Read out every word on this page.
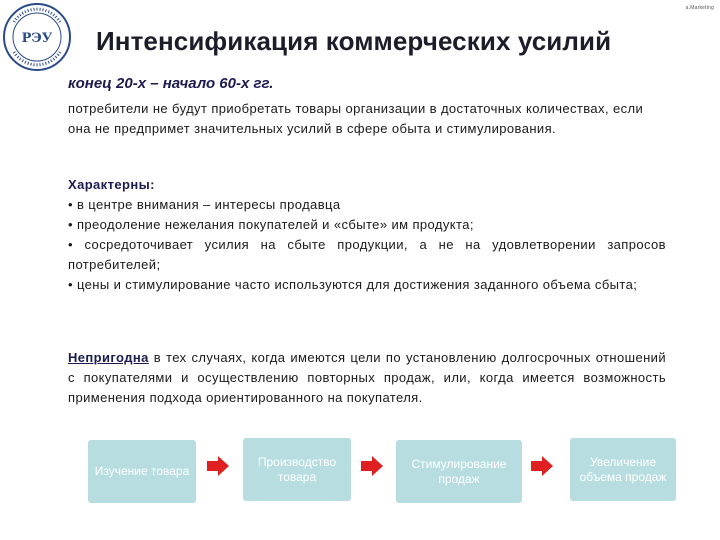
РЭУ
a.Marketing
Интенсификация коммерческих усилий
конец 20-х – начало 60-х гг.
потребители не будут приобретать товары организации в достаточных количествах, если она не предпримет значительных усилий в сфере обыта и стимулирования.
Характерны:
• в центре внимания – интересы продавца
• преодоление нежелания покупателей и «сбыте» им продукта;
• сосредоточивает усилия на сбыте продукции, а не на удовлетворении запросов потребителей;
• цены и стимулирование часто используются для достижения заданного объема сбыта;
Непригодна в тех случаях, когда имеются цели по установлению долгосрочных отношений с покупателями и осуществлению повторных продаж, или, когда имеется возможность применения подхода ориентированного на покупателя.
Изучение товара
Производство товара
Стимулирование продаж
Увеличение объема продаж
